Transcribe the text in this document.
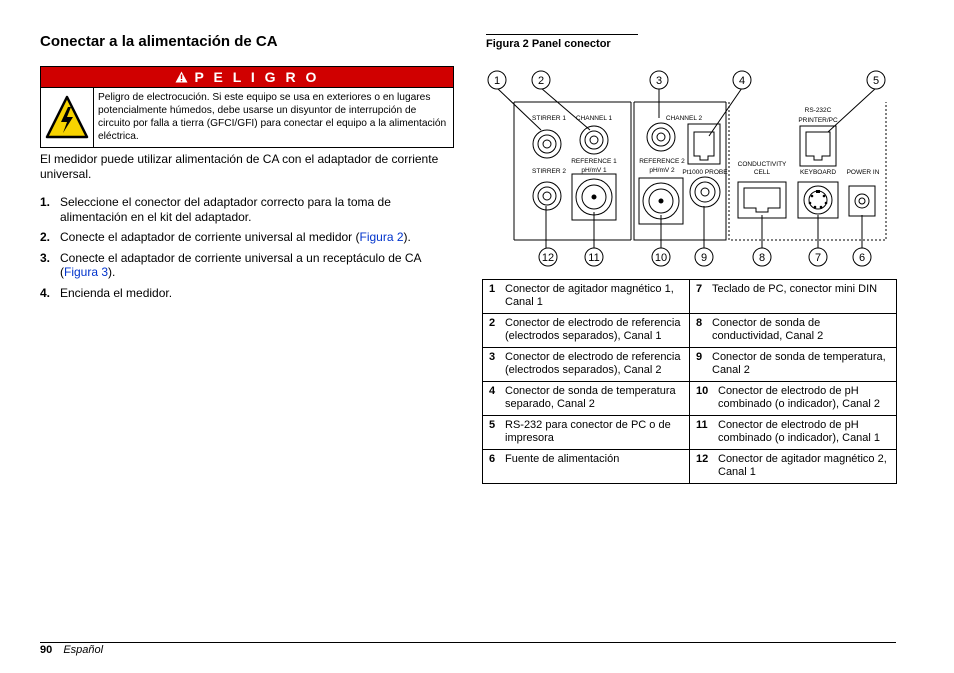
Conectar a la alimentación de CA
P E L I G R O
Peligro de electrocución. Si este equipo se usa en exteriores o en lugares potencialmente húmedos, debe usarse un disyuntor de interrupción de circuito por falla a tierra (GFCI/GFI) para conectar el equipo a la alimentación eléctrica.
El medidor puede utilizar alimentación de CA con el adaptador de corriente universal.
1. Seleccione el conector del adaptador correcto para la toma de alimentación en el kit del adaptador.
2. Conecte el adaptador de corriente universal al medidor (Figura 2).
3. Conecte el adaptador de corriente universal a un receptáculo de CA (Figura 3).
4. Encienda el medidor.
Figura 2 Panel conector
1	2	3	4	5
12	11	10	9	8	7	6
STIRRER 1
STIRRER 2
CHANNEL 1
REFERENCE 1
pH/mV 1
CHANNEL 2
REFERENCE 2
pH/mV 2 Pt1000 PROBE
CONDUCTIVITY
CELL
RS-232C
PRINTER/PC
KEYBOARD POWER IN
1 Conector de agitador magnético 1, Canal 1	7 Teclado de PC, conector mini DIN

2 Conector de electrodo de referencia (electrodos separados), Canal 1	8 Conector de sonda de conductividad, Canal 2

3 Conector de electrodo de referencia (electrodos separados), Canal 2	9 Conector de sonda de temperatura, Canal 2

4 Conector de sonda de temperatura separado, Canal 2	10 Conector de electrodo de pH combinado (o indicador), Canal 2

5 RS-232 para conector de PC o de impresora	11 Conector de electrodo de pH combinado (o indicador), Canal 1

6 Fuente de alimentación	12 Conector de agitador magnético 2, Canal 1
90 Español
